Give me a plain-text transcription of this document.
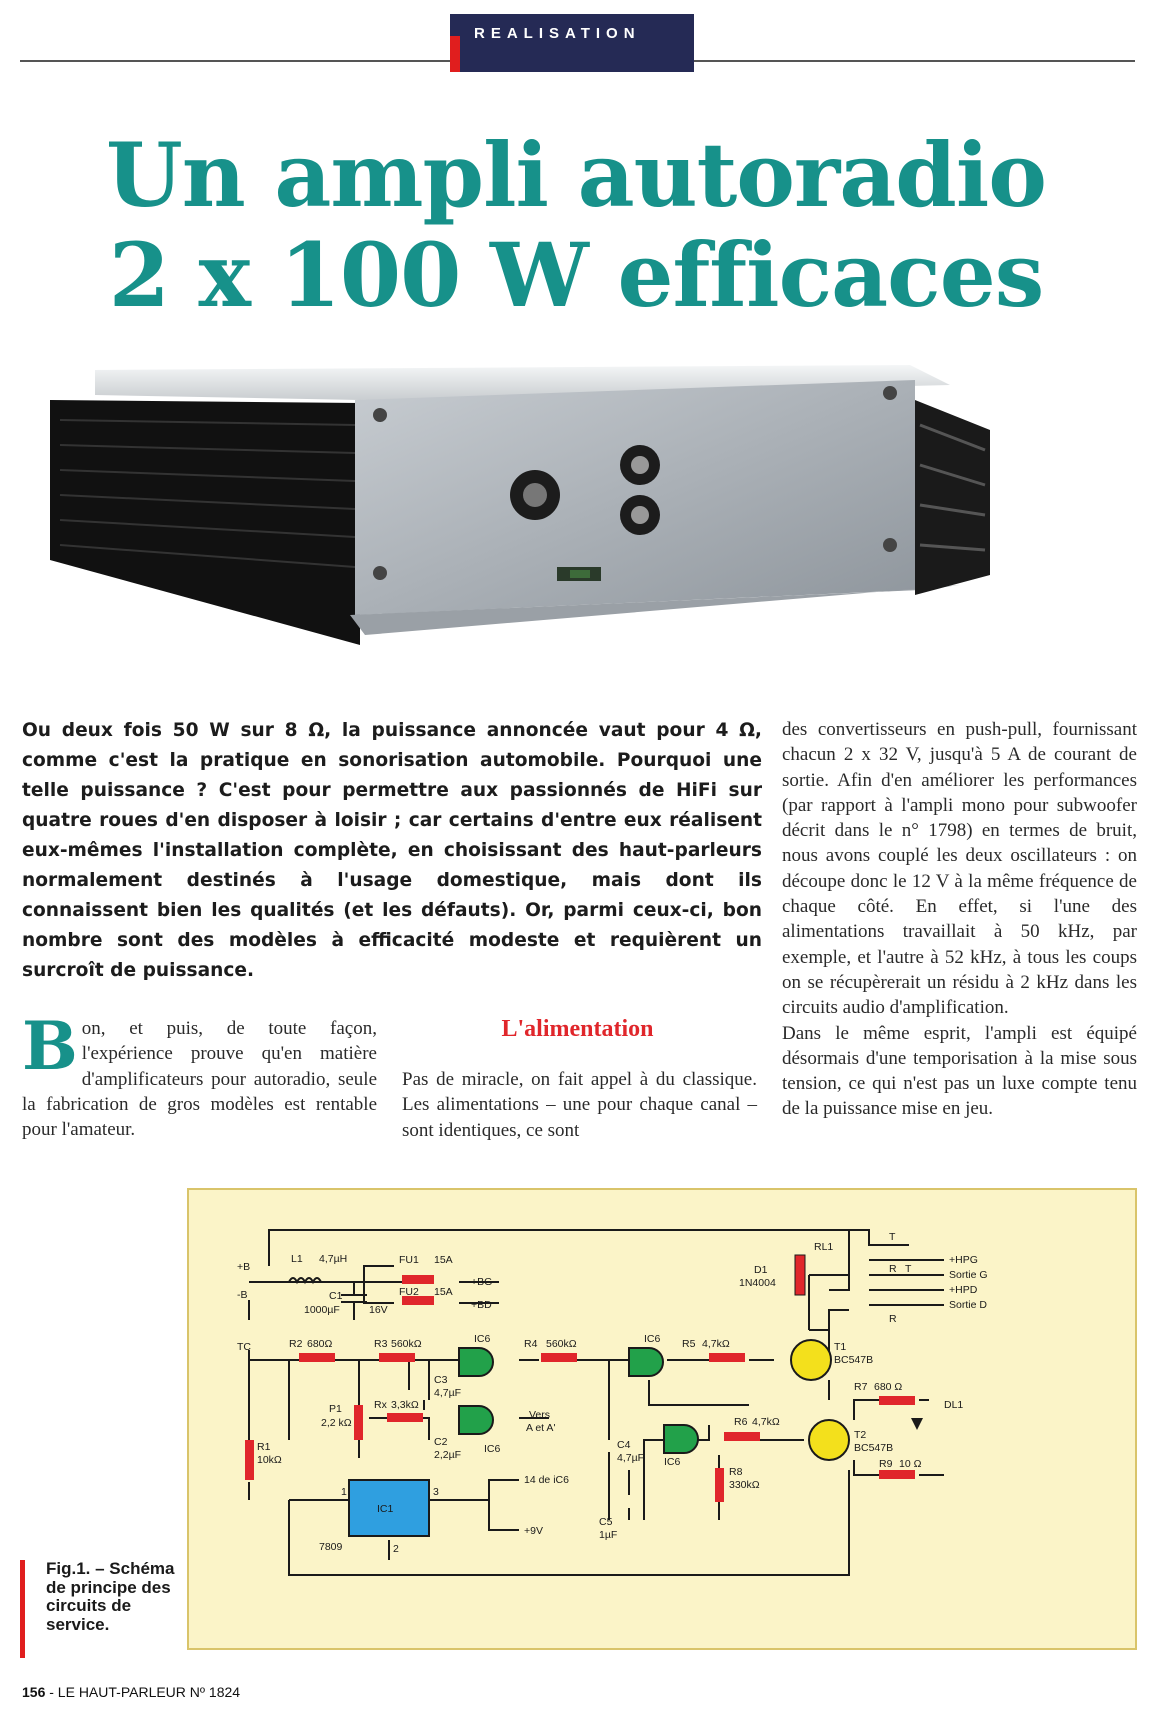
REALISATION
Un ampli autoradio
2 x 100 W efficaces
Ou deux fois 50 W sur 8 Ω, la puissance annoncée vaut pour 4 Ω, comme c'est la pratique en sonorisation automobile. Pourquoi une telle puissance ? C'est pour permettre aux passionnés de HiFi sur quatre roues d'en disposer à loisir ; car certains d'entre eux réalisent eux-mêmes l'installation complète, en choisissant des haut-parleurs normalement destinés à l'usage domestique, mais dont ils connaissent bien les qualités (et les défauts). Or, parmi ceux-ci, bon nombre sont des modèles à efficacité modeste et requièrent un surcroît de puissance.
Bon, et puis, de toute façon, l'expérience prouve qu'en matière d'amplificateurs pour autoradio, seule la fabrication de gros modèles est rentable pour l'amateur.
L'alimentation
Pas de miracle, on fait appel à du classique. Les alimentations – une pour chaque canal – sont identiques, ce sont
des convertisseurs en push-pull, fournissant chacun 2 x 32 V, jusqu'à 5 A de courant de sortie. Afin d'en améliorer les performances (par rapport à l'ampli mono pour subwoofer décrit dans le n° 1798) en termes de bruit, nous avons couplé les deux oscillateurs : on découpe donc le 12 V à la même fréquence de chaque côté. En effet, si l'une des alimentations travaillait à 50 kHz, par exemple, et l'autre à 52 kHz, à tous les coups on se récupèrerait un résidu à 2 kHz dans les circuits audio d'amplification.
Dans le même esprit, l'ampli est équipé désormais d'une temporisation à la mise sous tension, ce qui n'est pas un luxe compte tenu de la puissance mise en jeu.
+B
-B
TC
L1 4,7µH
C1
1000µF	16V
FU1 15A
FU2 15A
+BG
+BD
R2 680Ω	R3 560kΩ	R4 560kΩ	R5 4,7kΩ
R6 4,7kΩ
R7 680 Ω
R8
330kΩ
R9 10 Ω
R1
10kΩ
Rx 3,3kΩ
P1
2,2 kΩ
C2
2,2µF
C3
4,7µF
C4
4,7µF
C5
1µF
IC6	IC6
IC6
IC6
IC1
7809
Vers
A et A'
14 de iC6
+9V
1
2
3
D1
1N4004
RL1
T1
BC547B
T2
BC547B
DL1
+HPG
Sortie G
+HPD
Sortie D
T
R T
R
Fig.1. – Schéma de principe des circuits de service.
156 - LE HAUT-PARLEUR Nº 1824
